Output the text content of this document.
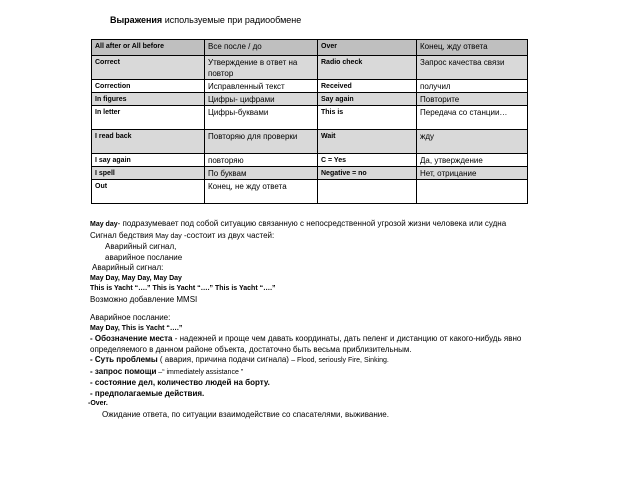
Выражения используемые при радиообмене
All after or All before	Все после / до	Over	Конец, жду ответа
Correct	Утверждение в ответ на повтор	Radio check	Запрос качества связи
Correction	Исправленный текст	Received	получил
In figures	Цифры- цифрами	Say again	Повторите
In letter	Цифры-буквами	This is	Передача со станции…
I read back	Повторяю для проверки	Wait	жду
I say again	повторяю	C = Yes	Да, утверждение
I spell	По буквам	Negative = no	Нет, отрицание
Out	Конец, не жду ответа		
May day- подразумевает под собой ситуацию связанную с непосредственной угрозой жизни человека или судна
Сигнал бедствия May day -состоит из двух частей:
Аварийный сигнал,
аварийное послание
Аварийный сигнал:
May Day, May Day, May Day
This is Yacht “….” This is Yacht “….” This is Yacht “….”
Возможно добавление MMSI
Аварийное послание:
May Day, This is Yacht “….”
- Обозначение места - надежней и проще чем давать координаты, дать пеленг и дистанцию от какого-нибудь явно
определяемого в данном районе объекта, достаточно быть весьма приблизительным.
- Суть проблемы ( авария, причина подачи сигнала) – Flood, seriously Fire, Sinking.
- запрос помощи –“ immediately assistance ”
- состояние дел, количество людей на борту.
- предполагаемые действия.
-Over.
Ожидание ответа, по ситуации взаимодействие со спасателями, выживание.
